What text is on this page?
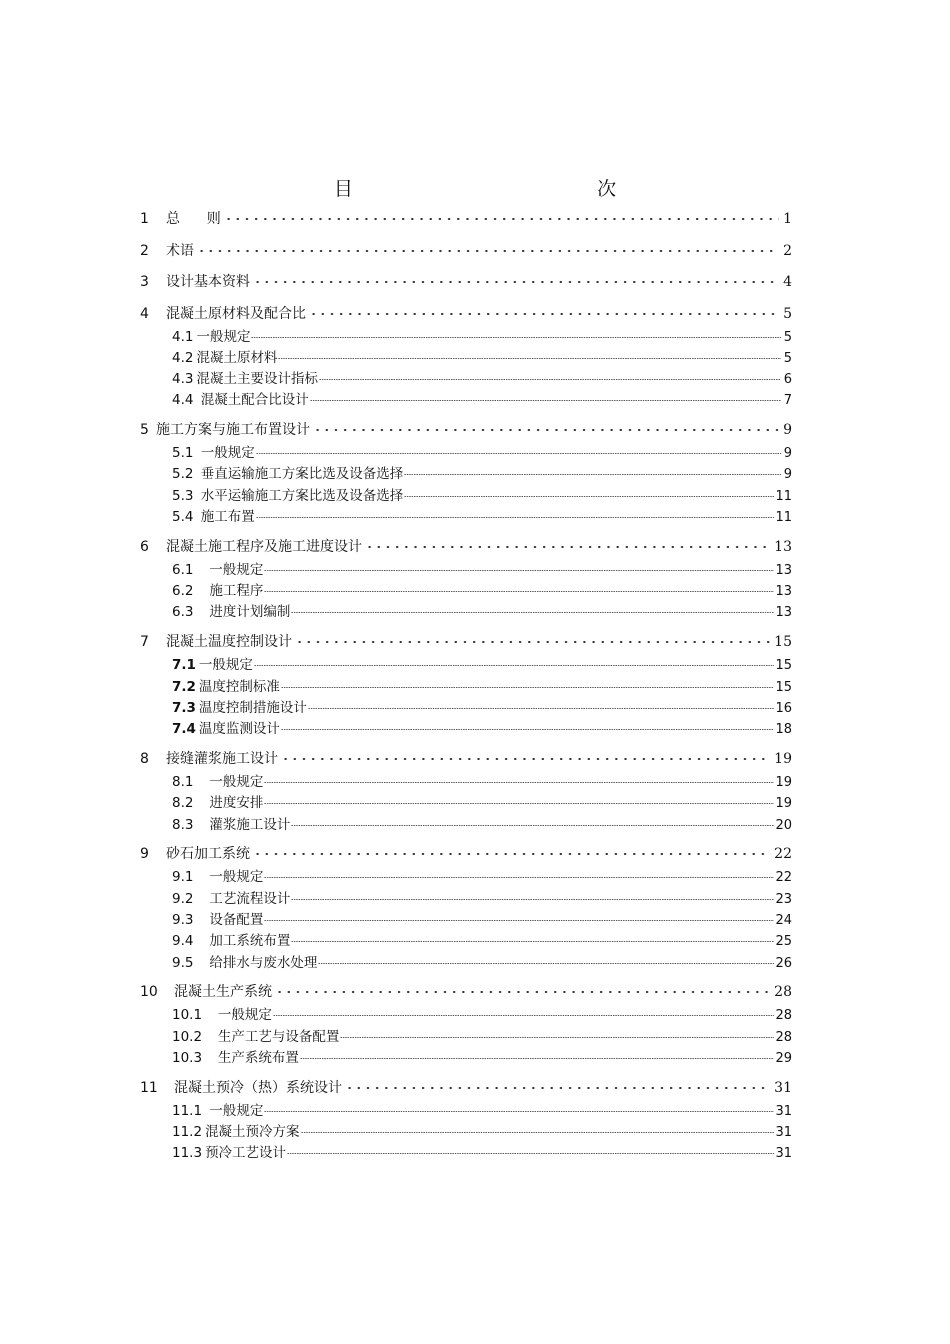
目    次
1	总      则	1
2	术语	2
3	设计基本资料	4
4	混凝土原材料及配合比	5
4.1 一般规定	5
4.2 混凝土原材料	5
4.3 混凝土主要设计指标	6
4.4 混凝土配合比设计	7
5 施工方案与施工布置设计	9
5.1 一般规定	9
5.2 垂直运输施工方案比选及设备选择	9
5.3 水平运输施工方案比选及设备选择	11
5.4 施工布置	11
6	混凝土施工程序及施工进度设计	13
6.1 一般规定	13
6.2 施工程序	13
6.3 进度计划编制	13
7	混凝土温度控制设计	15
7.1 一般规定	15
7.2 温度控制标准	15
7.3 温度控制措施设计	16
7.4 温度监测设计	18
8	接缝灌浆施工设计	19
8.1 一般规定	19
8.2 进度安排	19
8.3 灌浆施工设计	20
9	砂石加工系统	22
9.1 一般规定	22
9.2 工艺流程设计	23
9.3 设备配置	24
9.4 加工系统布置	25
9.5 给排水与废水处理	26
10	混凝土生产系统	28
10.1 一般规定	28
10.2 生产工艺与设备配置	28
10.3 生产系统布置	29
11	混凝土预冷（热）系统设计	31
11.1 一般规定	31
11.2 混凝土预冷方案	31
11.3 预冷工艺设计	31
